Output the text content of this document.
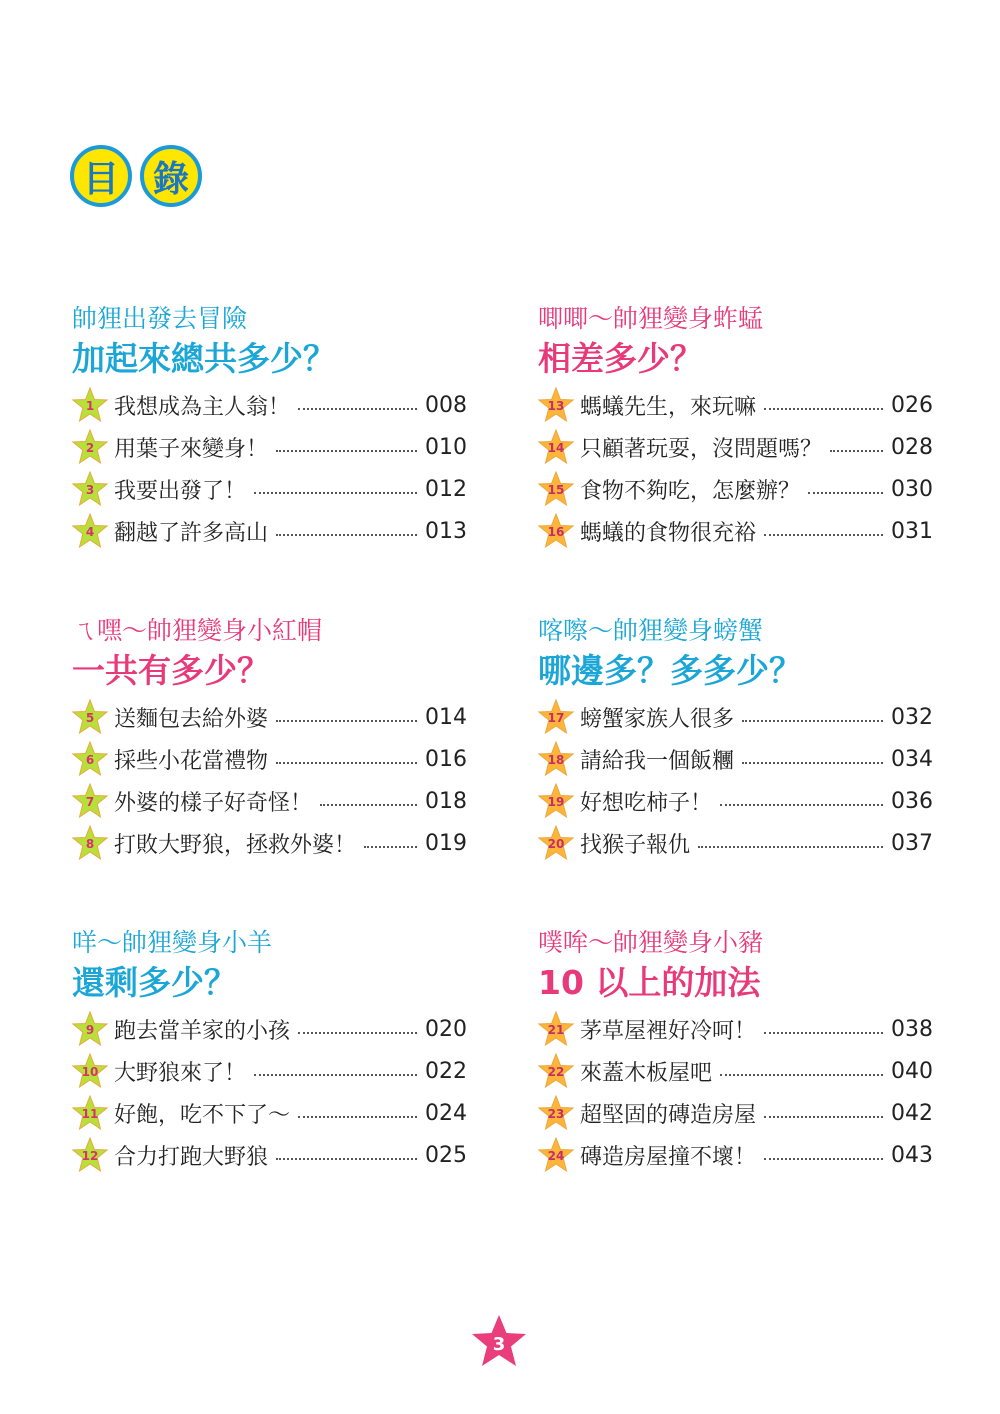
目 錄
帥狸出發去冒險
加起來總共多少？
1 我想成為主人翁！	008
2 用葉子來變身！	010
3 我要出發了！	012
4 翻越了許多高山	013
唧唧～帥狸變身蚱蜢
相差多少？
13 螞蟻先生，來玩嘛	026
14 只顧著玩耍，沒問題嗎？	028
15 食物不夠吃，怎麼辦？	030
16 螞蟻的食物很充裕	031
ㄟ嘿～帥狸變身小紅帽
一共有多少？
5 送麵包去給外婆	014
6 採些小花當禮物	016
7 外婆的樣子好奇怪！	018
8 打敗大野狼，拯救外婆！	019
喀嚓～帥狸變身螃蟹
哪邊多？多多少？
17 螃蟹家族人很多	032
18 請給我一個飯糰	034
19 好想吃柿子！	036
20 找猴子報仇	037
咩～帥狸變身小羊
還剩多少？
9 跑去當羊家的小孩	020
10 大野狼來了！	022
11 好飽，吃不下了～	024
12 合力打跑大野狼	025
噗哞～帥狸變身小豬
10 以上的加法
21 茅草屋裡好冷呵！	038
22 來蓋木板屋吧	040
23 超堅固的磚造房屋	042
24 磚造房屋撞不壞！	043
3
